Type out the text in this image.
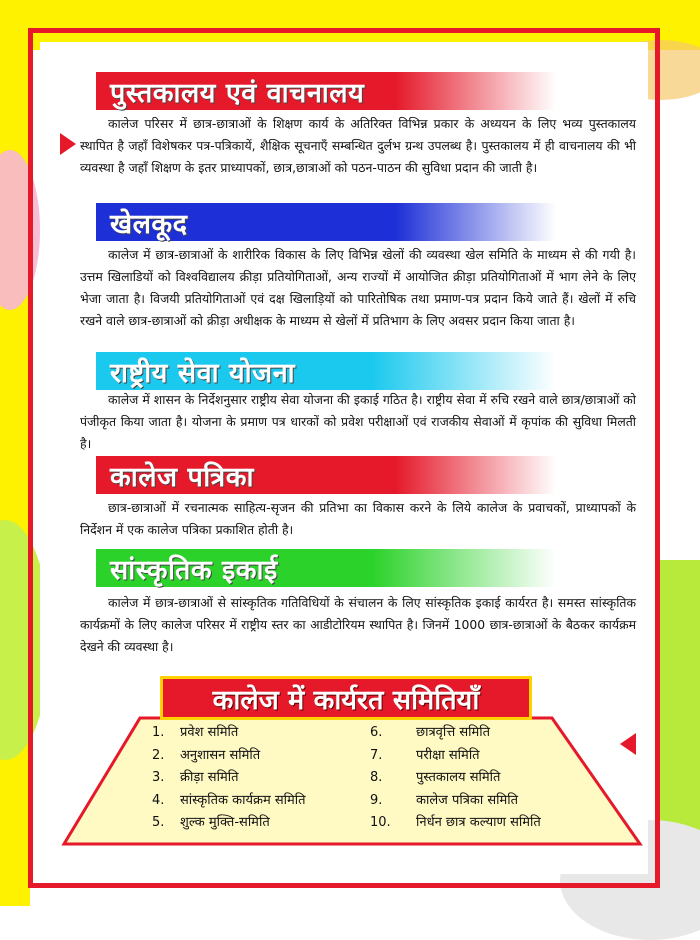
पुस्तकालय एवं वाचनालय

कालेज परिसर में छात्र-छात्राओं के शिक्षण कार्य के अतिरिक्त विभिन्न प्रकार के अध्ययन के लिए भव्य पुस्तकालय स्थापित है जहाँ विशेषकर पत्र-पत्रिकायें, शैक्षिक सूचनाएँ सम्बन्धित दुर्लभ ग्रन्थ उपलब्ध है। पुस्तकालय में ही वाचनालय की भी व्यवस्था है जहाँ शिक्षण के इतर प्राध्यापकों, छात्र,छात्राओं को पठन-पाठन की सुविधा प्रदान की जाती है।

खेलकूद

कालेज में छात्र-छात्राओं के शारीरिक विकास के लिए विभिन्न खेलों की व्यवस्था खेल समिति के माध्यम से की गयी है। उत्तम खिलाडियों को विश्वविद्यालय क्रीड़ा प्रतियोगिताओं, अन्य राज्यों में आयोजित क्रीड़ा प्रतियोगिताओं में भाग लेने के लिए भेजा जाता है। विजयी प्रतियोगिताओं एवं दक्ष खिलाड़ियों को पारितोषिक तथा प्रमाण-पत्र प्रदान किये जाते हैं। खेलों में रुचि रखने वाले छात्र-छात्राओं को क्रीड़ा अधीक्षक के माध्यम से खेलों में प्रतिभाग के लिए अवसर प्रदान किया जाता है।

राष्ट्रीय सेवा योजना

कालेज में शासन के निर्देशनुसार राष्ट्रीय सेवा योजना की इकाई गठित है। राष्ट्रीय सेवा में रुचि रखने वाले छात्र/छात्राओं को पंजीकृत किया जाता है। योजना के प्रमाण पत्र धारकों को प्रवेश परीक्षाओं एवं राजकीय सेवाओं में कृपांक की सुविधा मिलती है।

कालेज पत्रिका

छात्र-छात्राओं में रचनात्मक साहित्य-सृजन की प्रतिभा का विकास करने के लिये कालेज के प्रवाचकों, प्राध्यापकों के निर्देशन में एक कालेज पत्रिका प्रकाशित होती है।

सांस्कृतिक इकाई

कालेज में छात्र-छात्राओं से सांस्कृतिक गतिविधियों के संचालन के लिए सांस्कृतिक इकाई कार्यरत है। समस्त सांस्कृतिक कार्यक्रमों के लिए कालेज परिसर में राष्ट्रीय स्तर का आडीटोरियम स्थापित है। जिनमें 1000 छात्र-छात्राओं के बैठकर कार्यक्रम देखने की व्यवस्था है।

कालेज में कार्यरत समितियाँ
1.	प्रवेश समिति
2.	अनुशासन समिति
3.	क्रीड़ा समिति
4.	सांस्कृतिक कार्यक्रम समिति
5.	शुल्क मुक्ति-समिति
6.	छात्रवृत्ति समिति
7.	परीक्षा समिति
8.	पुस्तकालय समिति
9.	कालेज पत्रिका समिति
10.	निर्धन छात्र कल्याण समिति
